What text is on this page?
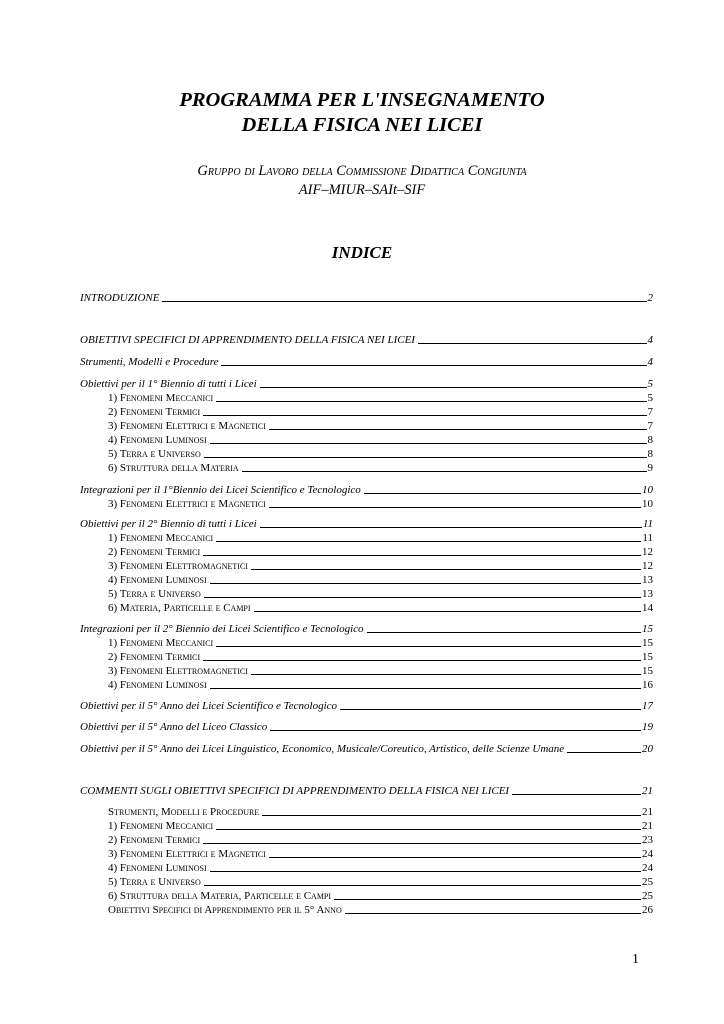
PROGRAMMA PER L'INSEGNAMENTO
DELLA FISICA NEI LICEI
Gruppo di Lavoro della Commissione Didattica Congiunta
AIF–MIUR–SAIt–SIF
INDICE
INTRODUZIONE	2
OBIETTIVI SPECIFICI DI APPRENDIMENTO DELLA FISICA NEI LICEI	4
Strumenti, Modelli e Procedure	4
Obiettivi per il 1° Biennio di tutti i Licei	5
1) Fenomeni Meccanici	5
2) Fenomeni Termici	7
3) Fenomeni Elettrici e Magnetici	7
4) Fenomeni Luminosi	8
5) Terra e Universo	8
6) Struttura della Materia	9
Integrazioni per il 1°Biennio dei Licei Scientifico e Tecnologico	10
3) Fenomeni Elettrici e Magnetici	10
Obiettivi per il 2° Biennio di tutti i Licei	11
1) Fenomeni Meccanici	11
2) Fenomeni Termici	12
3) Fenomeni Elettromagnetici	12
4) Fenomeni Luminosi	13
5) Terra e Universo	13
6) Materia, Particelle e Campi	14
Integrazioni per il 2° Biennio dei Licei Scientifico e Tecnologico	15
1) Fenomeni Meccanici	15
2) Fenomeni Termici	15
3) Fenomeni Elettromagnetici	15
4) Fenomeni Luminosi	16
Obiettivi per il 5° Anno dei Licei Scientifico e Tecnologico	17
Obiettivi per il 5° Anno del Liceo Classico	19
Obiettivi per il 5° Anno dei Licei Linguistico, Economico, Musicale/Coreutico, Artistico, delle Scienze Umane	20
COMMENTI SUGLI OBIETTIVI SPECIFICI DI APPRENDIMENTO DELLA FISICA NEI LICEI	21
Strumenti, Modelli e Procedure	21
1) Fenomeni Meccanici	21
2) Fenomeni Termici	23
3) Fenomeni Elettrici e Magnetici	24
4) Fenomeni Luminosi	24
5) Terra e Universo	25
6) Struttura della Materia, Particelle e Campi	25
Obiettivi Specifici di Apprendimento per il 5° Anno	26
1
